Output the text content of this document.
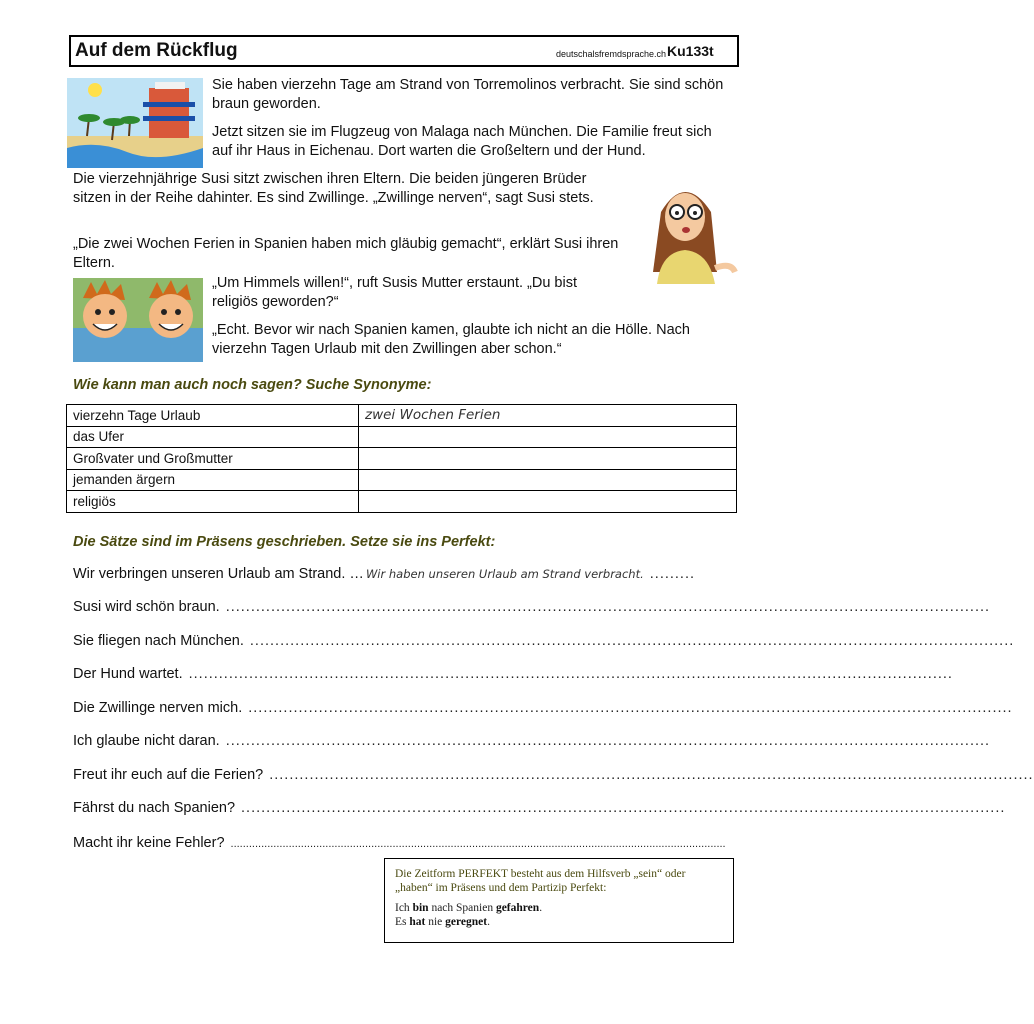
Auf dem Rückflug	deutschalsfremdsprache.ch Ku133t
Sie haben vierzehn Tage am Strand von Torremolinos verbracht. Sie sind schön braun geworden.
Jetzt sitzen sie im Flugzeug von Malaga nach München. Die Familie freut sich auf ihr Haus in Eichenau. Dort warten die Großeltern und der Hund.
Die vierzehnjährige Susi sitzt zwischen ihren Eltern. Die beiden jüngeren Brüder sitzen in der Reihe dahinter. Es sind Zwillinge. „Zwillinge nerven“, sagt Susi stets.
„Die zwei Wochen Ferien in Spanien haben mich gläubig gemacht“, erklärt Susi ihren Eltern.
„Um Himmels willen!“, ruft Susis Mutter erstaunt. „Du bist religiös geworden?“
„Echt. Bevor wir nach Spanien kamen, glaubte ich nicht an die Hölle. Nach vierzehn Tagen Urlaub mit den Zwillingen aber schon.“
Wie kann man auch noch sagen? Suche Synonyme:
vierzehn Tage Urlaub	zwei Wochen Ferien
das Ufer	
Großvater und Großmutter	
jemanden ärgern	
religiös	
Die Sätze sind im Präsens geschrieben. Setze sie ins Perfekt:
Wir verbringen unseren Urlaub am Strand. … Wir haben unseren Urlaub am Strand verbracht. .........
Susi wird schön braun. ........................................................................................................................................................
Sie fliegen nach München. ........................................................................................................................................................
Der Hund wartet. ........................................................................................................................................................
Die Zwillinge nerven mich. ........................................................................................................................................................
Ich glaube nicht daran. ........................................................................................................................................................
Freut ihr euch auf die Ferien? ........................................................................................................................................................
Fährst du nach Spanien? ........................................................................................................................................................
Macht ihr keine Fehler? ..................................................................................................................................................................
Die Zeitform PERFEKT besteht aus dem Hilfsverb „sein“ oder „haben“ im Präsens und dem Partizip Perfekt:
Ich bin nach Spanien gefahren.
Es hat nie geregnet.
